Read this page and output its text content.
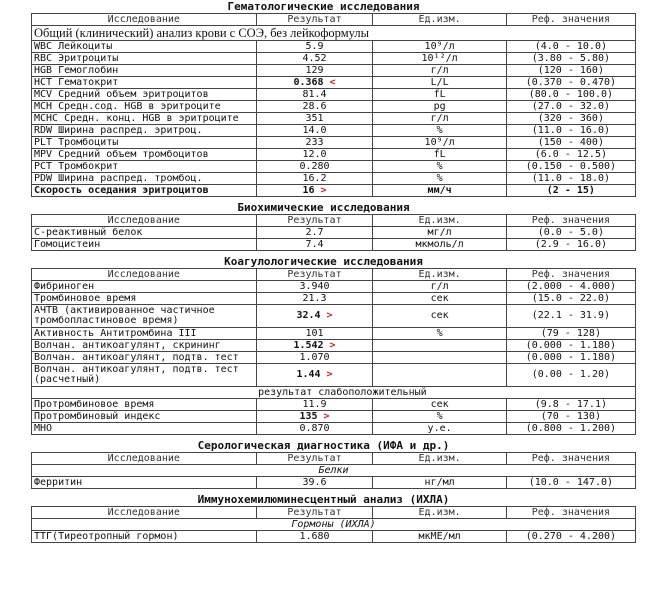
Гематологические исследования
Исследование	Результат	Ед.изм.	Реф. значения
Общий (клинический) анализ крови с СОЭ, без лейкоформулы			
WBC Лейкоциты	5.9	10⁹/л	(4.0 - 10.0)
RBC Эритроциты	4.52	10¹²/л	(3.80 - 5.80)
HGB Гемоглобин	129	г/л	(120 - 160)
HCT Гематокрит	0.368 <	L/L	(0.370 - 0.470)
MCV Средний объем эритроцитов	81.4	fL	(80.0 - 100.0)
MCH Средн.сод. HGB в эритроците	28.6	pg	(27.0 - 32.0)
MCHC Средн. конц. HGB в эритроците	351	г/л	(320 - 360)
RDW Ширина распред. эритроц.	14.0	%	(11.0 - 16.0)
PLT Тромбоциты	233	10⁹/л	(150 - 400)
MPV Средний объем тромбоцитов	12.0	fL	(6.0 - 12.5)
PCT Тромбокрит	0.280	%	(0.150 - 0.500)
PDW Ширина распред. тромбоц.	16.2	%	(11.0 - 18.0)
Скорость оседания эритроцитов	16 >	мм/ч	(2 - 15)
Биохимические исследования
Исследование	Результат	Ед.изм.	Реф. значения
С-реактивный белок	2.7	мг/л	(0.0 - 5.0)
Гомоцистеин	7.4	мкмоль/л	(2.9 - 16.0)
Коагулологические исследования
Исследование	Результат	Ед.изм.	Реф. значения
Фибриноген	3.940	г/л	(2.000 - 4.000)
Тромбиновое время	21.3	сек	(15.0 - 22.0)
АЧТВ (активированное частичное тромбопластиновое время)	32.4 >	сек	(22.1 - 31.9)
Активность Антитромбина III	101	%	(79 - 128)
Волчан. антикоагулянт, скрининг	1.542 >		(0.000 - 1.180)
Волчан. антикоагулянт, подтв. тест	1.070		(0.000 - 1.180)
Волчан. антикоагулянт, подтв. тест (расчетный)	1.44 >		(0.00 - 1.20)
	результат слабоположительный		
Протромбиновое время	11.9	сек	(9.8 - 17.1)
Протромбиновый индекс	135 >	%	(70 - 130)
МНО	0.870	у.е.	(0.800 - 1.200)
Серологическая диагностика (ИФА и др.)
Исследование	Результат	Ед.изм.	Реф. значения
Белки			
Ферритин	39.6	нг/мл	(10.0 - 147.0)
Иммунохемилюминесцентный анализ (ИХЛА)
Исследование	Результат	Ед.изм.	Реф. значения
Гормоны (ИХЛА)			
ТТГ(Тиреотропный гормон)	1.680	мкМЕ/мл	(0.270 - 4.200)
